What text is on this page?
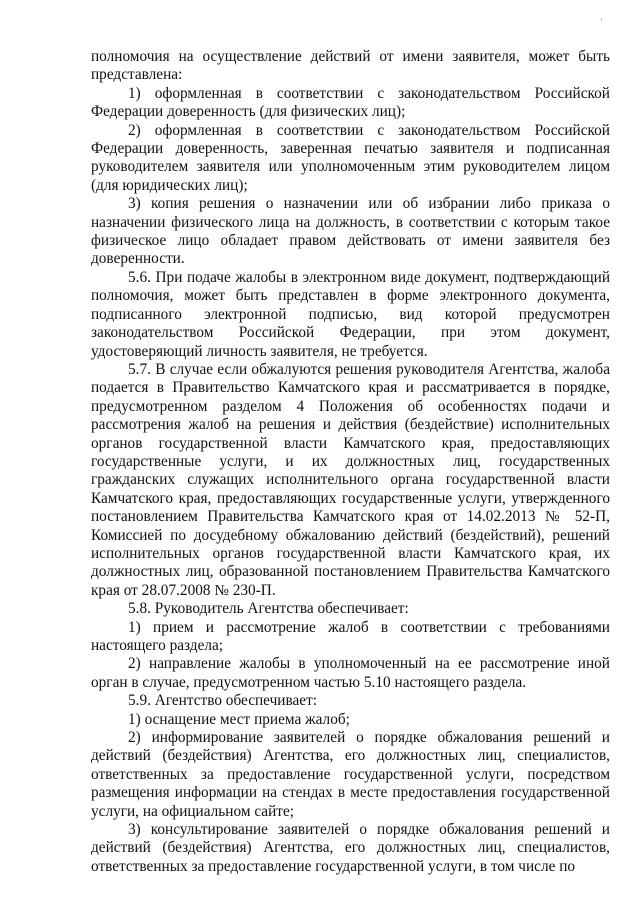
полномочия на осуществление действий от имени заявителя, может быть представлена:

1) оформленная в соответствии с законодательством Российской Федерации доверенность (для физических лиц);

2) оформленная в соответствии с законодательством Российской Федерации доверенность, заверенная печатью заявителя и подписанная руководителем заявителя или уполномоченным этим руководителем лицом (для юридических лиц);

3) копия решения о назначении или об избрании либо приказа о назначении физического лица на должность, в соответствии с которым такое физическое лицо обладает правом действовать от имени заявителя без доверенности.

5.6. При подаче жалобы в электронном виде документ, подтверждающий полномочия, может быть представлен в форме электронного документа, подписанного электронной подписью, вид которой предусмотрен законодательством Российской Федерации, при этом документ, удостоверяющий личность заявителя, не требуется.

5.7. В случае если обжалуются решения руководителя Агентства, жалоба подается в Правительство Камчатского края и рассматривается в порядке, предусмотренном разделом 4 Положения об особенностях подачи и рассмотрения жалоб на решения и действия (бездействие) исполнительных органов государственной власти Камчатского края, предоставляющих государственные услуги, и их должностных лиц, государственных гражданских служащих исполнительного органа государственной власти Камчатского края, предоставляющих государственные услуги, утвержденного постановлением Правительства Камчатского края от 14.02.2013 № 52-П, Комиссией по досудебному обжалованию действий (бездействий), решений исполнительных органов государственной власти Камчатского края, их должностных лиц, образованной постановлением Правительства Камчатского края от 28.07.2008 № 230-П.

5.8. Руководитель Агентства обеспечивает:

1) прием и рассмотрение жалоб в соответствии с требованиями настоящего раздела;

2) направление жалобы в уполномоченный на ее рассмотрение иной орган в случае, предусмотренном частью 5.10 настоящего раздела.

5.9. Агентство обеспечивает:

1) оснащение мест приема жалоб;

2) информирование заявителей о порядке обжалования решений и действий (бездействия) Агентства, его должностных лиц, специалистов, ответственных за предоставление государственной услуги, посредством размещения информации на стендах в месте предоставления государственной услуги, на официальном сайте;

3) консультирование заявителей о порядке обжалования решений и действий (бездействия) Агентства, его должностных лиц, специалистов, ответственных за предоставление государственной услуги, в том числе по
